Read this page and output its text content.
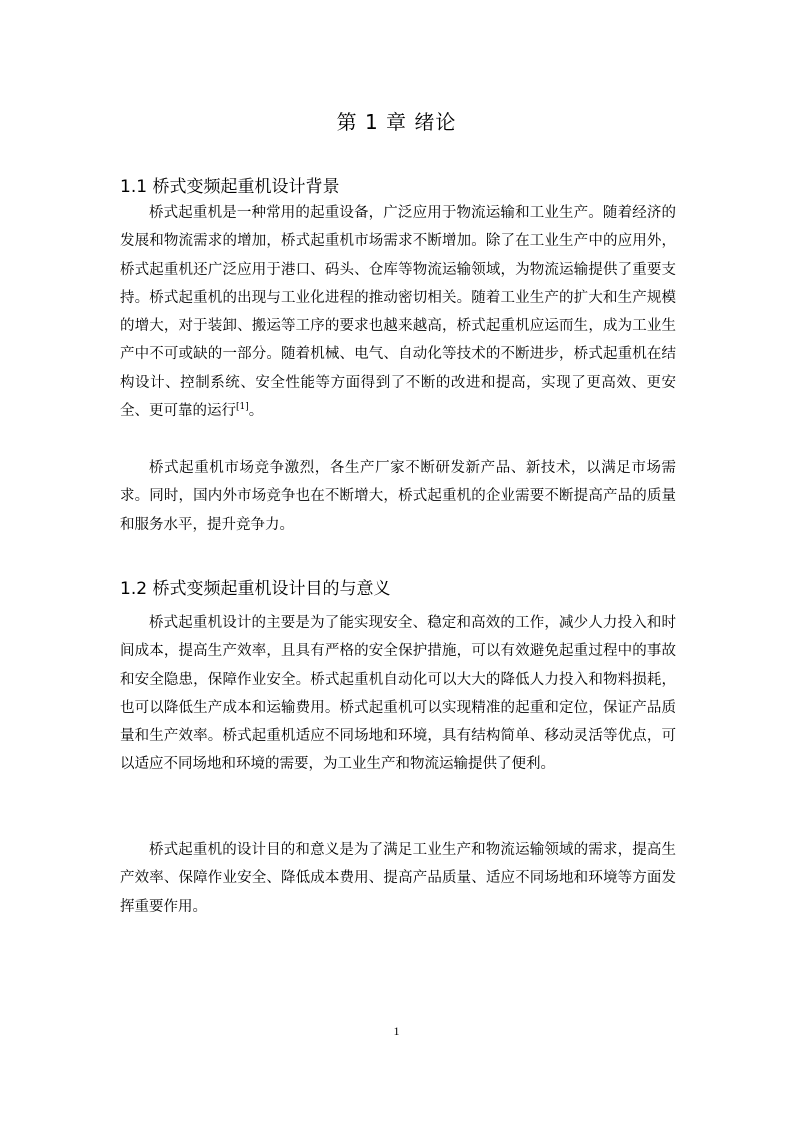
第 1 章 绪论
1.1 桥式变频起重机设计背景

桥式起重机是一种常用的起重设备，广泛应用于物流运输和工业生产。随着经济的发展和物流需求的增加，桥式起重机市场需求不断增加。除了在工业生产中的应用外，桥式起重机还广泛应用于港口、码头、仓库等物流运输领域，为物流运输提供了重要支持。桥式起重机的出现与工业化进程的推动密切相关。随着工业生产的扩大和生产规模的增大，对于装卸、搬运等工序的要求也越来越高，桥式起重机应运而生，成为工业生产中不可或缺的一部分。随着机械、电气、自动化等技术的不断进步，桥式起重机在结构设计、控制系统、安全性能等方面得到了不断的改进和提高，实现了更高效、更安全、更可靠的运行[1]。

桥式起重机市场竞争激烈，各生产厂家不断研发新产品、新技术，以满足市场需求。同时，国内外市场竞争也在不断增大，桥式起重机的企业需要不断提高产品的质量和服务水平，提升竞争力。

1.2 桥式变频起重机设计目的与意义

桥式起重机设计的主要是为了能实现安全、稳定和高效的工作，减少人力投入和时间成本，提高生产效率，且具有严格的安全保护措施，可以有效避免起重过程中的事故和安全隐患，保障作业安全。桥式起重机自动化可以大大的降低人力投入和物料损耗，也可以降低生产成本和运输费用。桥式起重机可以实现精准的起重和定位，保证产品质量和生产效率。桥式起重机适应不同场地和环境，具有结构简单、移动灵活等优点，可以适应不同场地和环境的需要，为工业生产和物流运输提供了便利。

桥式起重机的设计目的和意义是为了满足工业生产和物流运输领域的需求，提高生产效率、保障作业安全、降低成本费用、提高产品质量、适应不同场地和环境等方面发挥重要作用。

1
